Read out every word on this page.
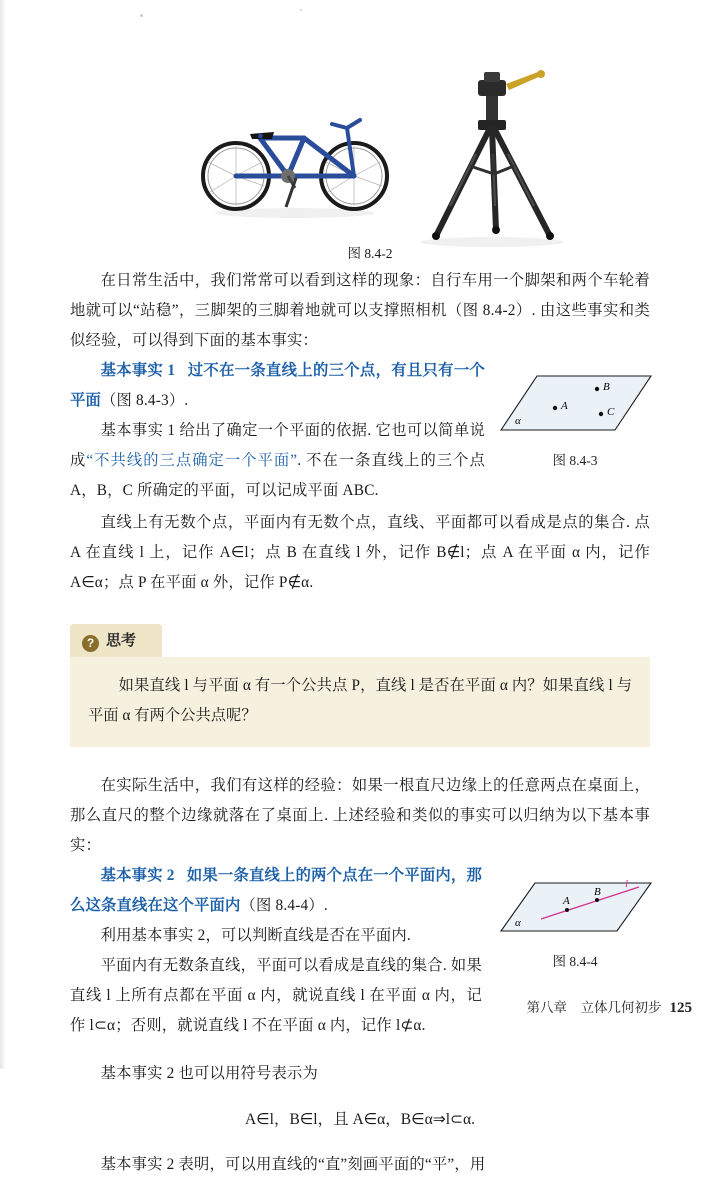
图 8.4-2

在日常生活中，我们常常可以看到这样的现象：自行车用一个脚架和两个车轮着地就可以“站稳”，三脚架的三脚着地就可以支撑照相机（图 8.4-2）. 由这些事实和类似经验，可以得到下面的基本事实：

基本事实 1 过不在一条直线上的三个点，有且只有一个平面（图 8.4-3）.

基本事实 1 给出了确定一个平面的依据. 它也可以简单说成“不共线的三点确定一个平面”. 不在一条直线上的三个点 A，B，C 所确定的平面，可以记成平面 ABC.

B
A	C
α
图 8.4-3

直线上有无数个点，平面内有无数个点，直线、平面都可以看成是点的集合. 点 A 在直线 l 上，记作 A∈l；点 B 在直线 l 外，记作 B∉l；点 A 在平面 α 内，记作 A∈α；点 P 在平面 α 外，记作 P∉α.

? 思考
如果直线 l 与平面 α 有一个公共点 P，直线 l 是否在平面 α 内？如果直线 l 与平面 α 有两个公共点呢？

在实际生活中，我们有这样的经验：如果一根直尺边缘上的任意两点在桌面上，那么直尺的整个边缘就落在了桌面上. 上述经验和类似的事实可以归纳为以下基本事实：

基本事实 2 如果一条直线上的两个点在一个平面内，那么这条直线在这个平面内（图 8.4-4）.

利用基本事实 2，可以判断直线是否在平面内.

平面内有无数条直线，平面可以看成是直线的集合. 如果直线 l 上所有点都在平面 α 内，就说直线 l 在平面 α 内，记作 l⊂α；否则，就说直线 l 不在平面 α 内，记作 l⊄α.

A
B
l
α
图 8.4-4

基本事实 2 也可以用符号表示为

A∈l，B∈l，且 A∈α，B∈α⇒l⊂α.

基本事实 2 表明，可以用直线的“直”刻画平面的“平”，用

第八章　立体几何初步 125
